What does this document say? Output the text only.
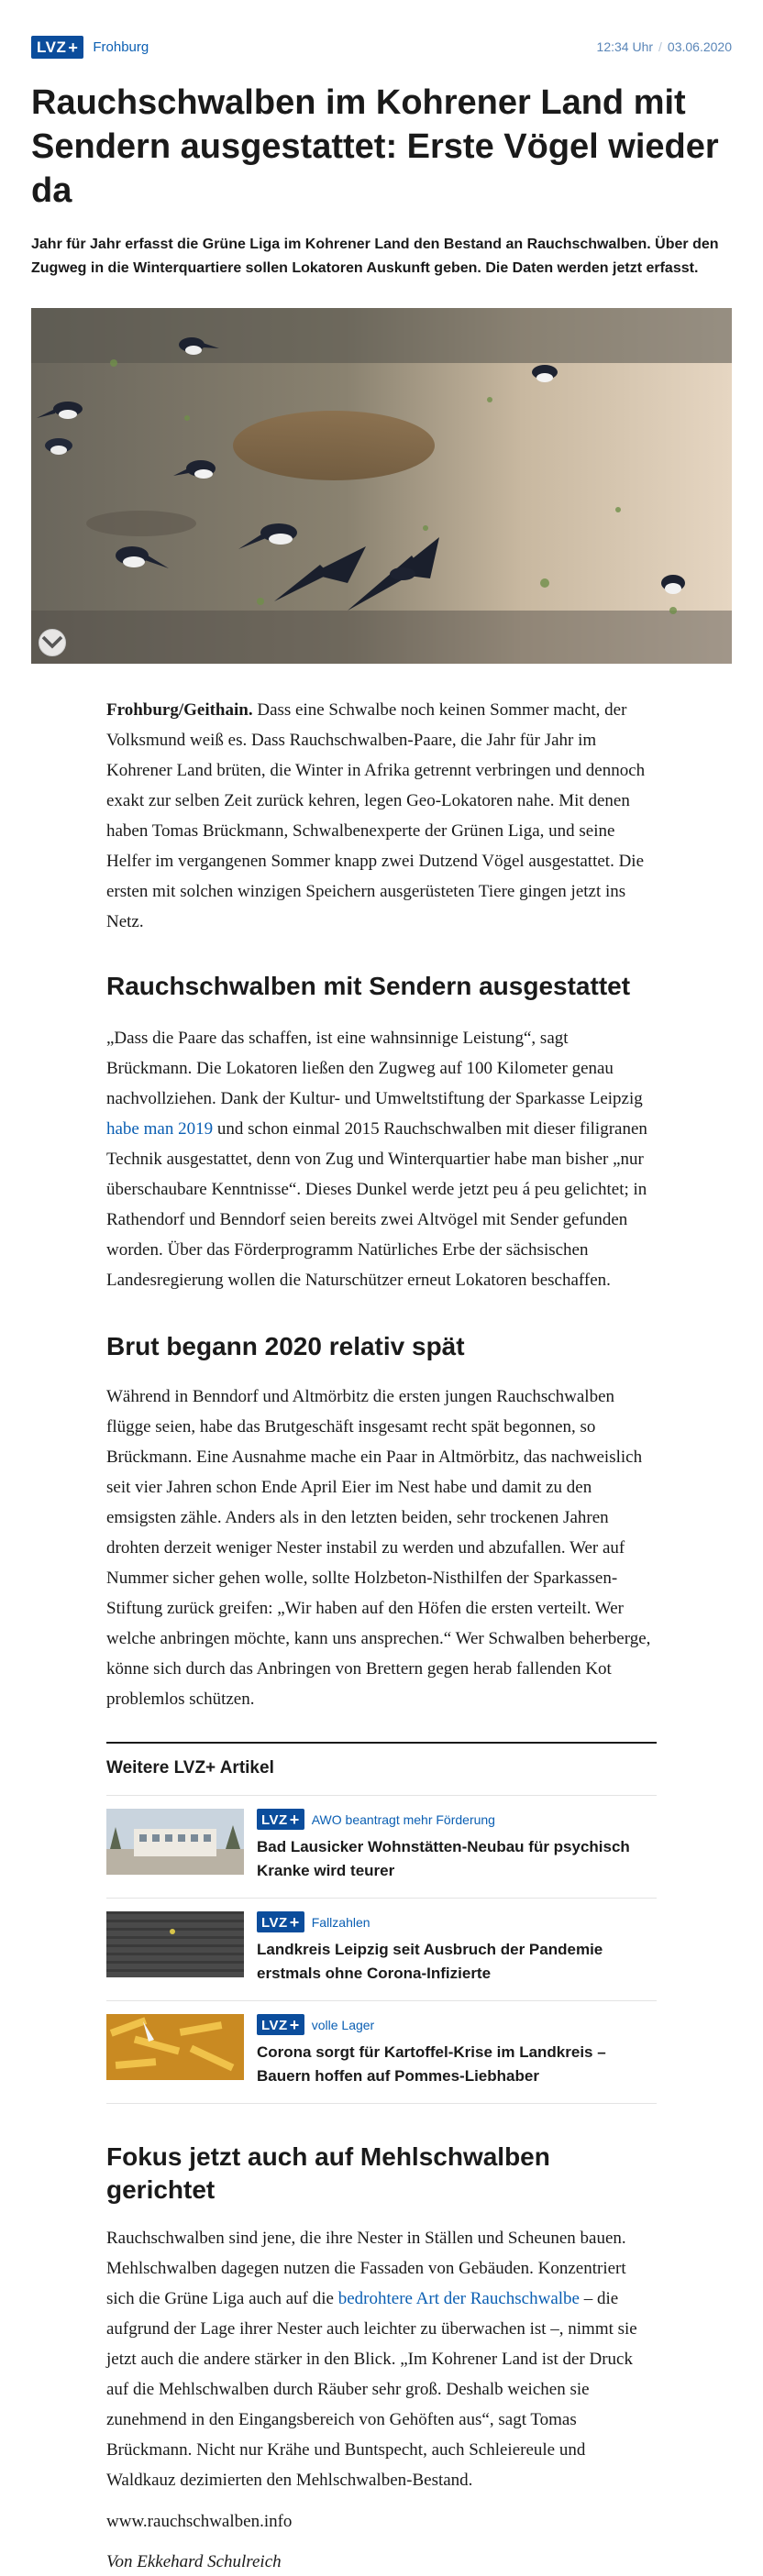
LVZ + Frohburg	12:34 Uhr / 03.06.2020
Rauchschwalben im Kohrener Land mit Sendern ausgestattet: Erste Vögel wieder da

Jahr für Jahr erfasst die Grüne Liga im Kohrener Land den Bestand an Rauchschwalben. Über den Zugweg in die Winterquartiere sollen Lokatoren Auskunft geben. Die Daten werden jetzt erfasst.

Frohburg/Geithain. Dass eine Schwalbe noch keinen Sommer macht, der Volksmund weiß es. Dass Rauchschwalben-Paare, die Jahr für Jahr im Kohrener Land brüten, die Winter in Afrika getrennt verbringen und dennoch exakt zur selben Zeit zurück kehren, legen Geo-Lokatoren nahe. Mit denen haben Tomas Brückmann, Schwalbenexperte der Grünen Liga, und seine Helfer im vergangenen Sommer knapp zwei Dutzend Vögel ausgestattet. Die ersten mit solchen winzigen Speichern ausgerüsteten Tiere gingen jetzt ins Netz.

Rauchschwalben mit Sendern ausgestattet

„Dass die Paare das schaffen, ist eine wahnsinnige Leistung“, sagt Brückmann. Die Lokatoren ließen den Zugweg auf 100 Kilometer genau nachvollziehen. Dank der Kultur- und Umweltstiftung der Sparkasse Leipzig habe man 2019 und schon einmal 2015 Rauchschwalben mit dieser filigranen Technik ausgestattet, denn von Zug und Winterquartier habe man bisher „nur überschaubare Kenntnisse“. Dieses Dunkel werde jetzt peu á peu gelichtet; in Rathendorf und Benndorf seien bereits zwei Altvögel mit Sender gefunden worden. Über das Förderprogramm Natürliches Erbe der sächsischen Landesregierung wollen die Naturschützer erneut Lokatoren beschaffen.

Brut begann 2020 relativ spät

Während in Benndorf und Altmörbitz die ersten jungen Rauchschwalben flügge seien, habe das Brutgeschäft insgesamt recht spät begonnen, so Brückmann. Eine Ausnahme mache ein Paar in Altmörbitz, das nachweislich seit vier Jahren schon Ende April Eier im Nest habe und damit zu den emsigsten zähle. Anders als in den letzten beiden, sehr trockenen Jahren drohten derzeit weniger Nester instabil zu werden und abzufallen. Wer auf Nummer sicher gehen wolle, sollte Holzbeton-Nisthilfen der Sparkassen-Stiftung zurück greifen: „Wir haben auf den Höfen die ersten verteilt. Wer welche anbringen möchte, kann uns ansprechen.“ Wer Schwalben beherberge, könne sich durch das Anbringen von Brettern gegen herab fallenden Kot problemlos schützen.

Weitere LVZ+ Artikel
LVZ + AWO beantragt mehr Förderung
Bad Lausicker Wohnstätten-Neubau für psychisch Kranke wird teurer
LVZ + Fallzahlen
Landkreis Leipzig seit Ausbruch der Pandemie erstmals ohne Corona-Infizierte
LVZ + volle Lager
Corona sorgt für Kartoffel-Krise im Landkreis – Bauern hoffen auf Pommes-Liebhaber
Fokus jetzt auch auf Mehlschwalben gerichtet

Rauchschwalben sind jene, die ihre Nester in Ställen und Scheunen bauen. Mehlschwalben dagegen nutzen die Fassaden von Gebäuden. Konzentriert sich die Grüne Liga auch auf die bedrohtere Art der Rauchschwalbe – die aufgrund der Lage ihrer Nester auch leichter zu überwachen ist –, nimmt sie jetzt auch die andere stärker in den Blick. „Im Kohrener Land ist der Druck auf die Mehlschwalben durch Räuber sehr groß. Deshalb weichen sie zunehmend in den Eingangsbereich von Gehöften aus“, sagt Tomas Brückmann. Nicht nur Krähe und Buntspecht, auch Schleiereule und Waldkauz dezimierten den Mehlschwalben-Bestand.

www.rauchschwalben.info

Von Ekkehard Schulreich
